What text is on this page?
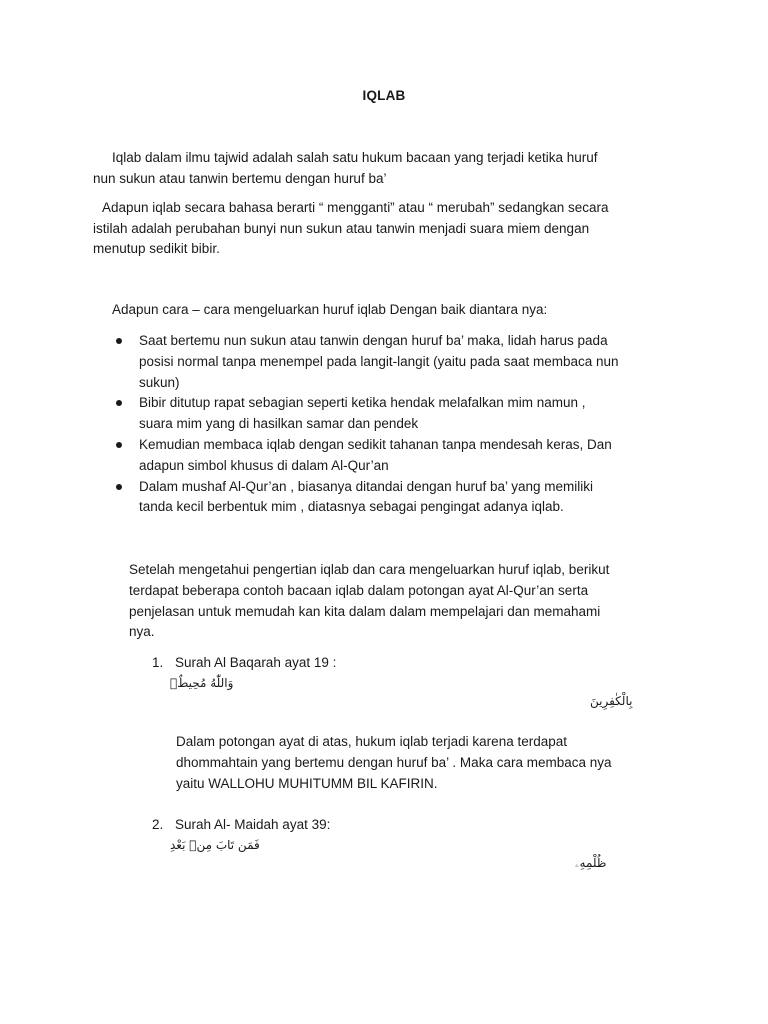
IQLAB
Iqlab dalam ilmu tajwid adalah salah satu hukum bacaan yang terjadi ketika huruf
nun sukun atau tanwin bertemu dengan huruf ba’
Adapun iqlab secara bahasa berarti “ mengganti” atau “ merubah” sedangkan secara
istilah adalah perubahan bunyi nun sukun atau tanwin menjadi suara miem dengan
menutup sedikit bibir.
Adapun cara – cara mengeluarkan huruf iqlab Dengan baik diantara nya:
Saat bertemu nun sukun atau tanwin dengan huruf ba’ maka, lidah harus pada
posisi normal tanpa menempel pada langit-langit (yaitu pada saat membaca nun
sukun)
Bibir ditutup rapat sebagian seperti ketika hendak melafalkan mim namun ,
suara mim yang di hasilkan samar dan pendek
Kemudian membaca iqlab dengan sedikit tahanan tanpa mendesah keras, Dan
adapun simbol khusus di dalam Al-Qur’an
Dalam mushaf Al-Qur’an , biasanya ditandai dengan huruf ba’ yang memiliki
tanda kecil berbentuk mim , diatasnya sebagai pengingat adanya iqlab.
Setelah mengetahui pengertian iqlab dan cara mengeluarkan huruf iqlab, berikut
terdapat beberapa contoh bacaan iqlab dalam potongan ayat Al-Qur’an serta
penjelasan untuk memudah kan kita dalam dalam mempelajari dan memahami
nya.
1. Surah Al Baqarah ayat 19 :
وَاللّٰهُ مُحِيطٌۢ
بِالْكٰفِرِينَ
Dalam potongan ayat di atas, hukum iqlab terjadi karena terdapat
dhommahtain yang bertemu dengan huruf ba’ . Maka cara membaca nya
yaitu WALLOHU MUHITUMM BIL KAFIRIN.
2. Surah Al- Maidah ayat 39:
فَمَن تَابَ مِنۢ بَعْدِ
ظُلْمِهِۦ
